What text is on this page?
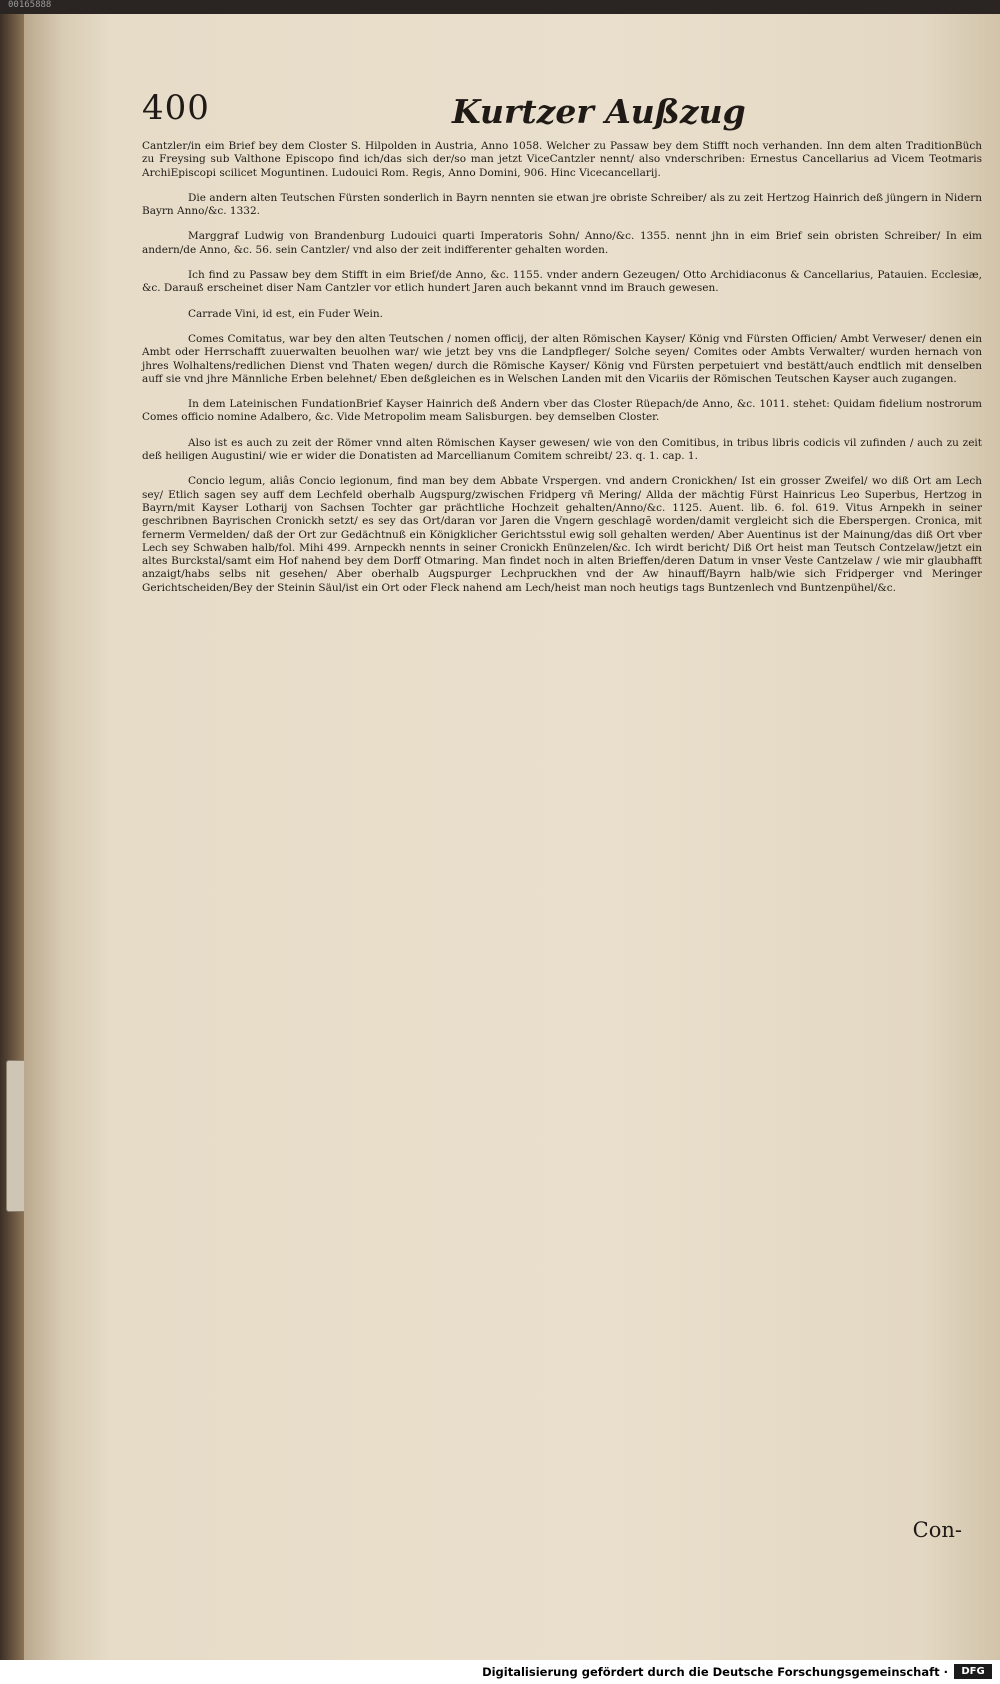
00165888
400	Kurtzer Außzug

Cantzler/in eim Brief bey dem Closter S. Hilpolden in Austria, Anno 1058. Welcher zu Passaw bey dem Stifft noch verhanden. Inn dem alten TraditionBüch zu Freysing sub Valthone Episcopo find ich/das sich der/so man jetzt ViceCantzler nennt/ also vnderschriben: Ernestus Cancellarius ad Vicem Teotmaris ArchiEpiscopi scilicet Moguntinen. Ludouici Rom. Regis, Anno Domini, 906. Hinc Vicecancellarij.

Die andern alten Teutschen Fürsten sonderlich in Bayrn nennten sie etwan jre obriste Schreiber/ als zu zeit Hertzog Hainrich deß jüngern in Nidern Bayrn Anno/&c. 1332.

Marggraf Ludwig von Brandenburg Ludouici quarti Imperatoris Sohn/ Anno/&c. 1355. nennt jhn in eim Brief sein obristen Schreiber/ In eim andern/de Anno, &c. 56. sein Cantzler/ vnd also der zeit indifferenter gehalten worden.

Ich find zu Passaw bey dem Stifft in eim Brief/de Anno, &c. 1155. vnder andern Gezeugen/ Otto Archidiaconus & Cancellarius, Patauien. Ecclesiæ, &c. Darauß erscheinet diser Nam Cantzler vor etlich hundert Jaren auch bekannt vnnd im Brauch gewesen.

Carrade Vini, id est, ein Fuder Wein.

Comes Comitatus, war bey den alten Teutschen / nomen officij, der alten Römischen Kayser/ König vnd Fürsten Officien/ Ambt Verweser/ denen ein Ambt oder Herrschafft zuuerwalten beuolhen war/ wie jetzt bey vns die Landpfleger/ Solche seyen/ Comites oder Ambts Verwalter/ wurden hernach von jhres Wolhaltens/redlichen Dienst vnd Thaten wegen/ durch die Römische Kayser/ König vnd Fürsten perpetuiert vnd bestätt/auch endtlich mit denselben auff sie vnd jhre Männliche Erben belehnet/ Eben deßgleichen es in Welschen Landen mit den Vicariis der Römischen Teutschen Kayser auch zugangen.

In dem Lateinischen FundationBrief Kayser Hainrich deß Andern vber das Closter Rüepach/de Anno, &c. 1011. stehet: Quidam fidelium nostrorum Comes officio nomine Adalbero, &c. Vide Metropolim meam Salisburgen. bey demselben Closter.

Also ist es auch zu zeit der Römer vnnd alten Römischen Kayser gewesen/ wie von den Comitibus, in tribus libris codicis vil zufinden / auch zu zeit deß heiligen Augustini/ wie er wider die Donatisten ad Marcellianum Comitem schreibt/ 23. q. 1. cap. 1.

Concio legum, aliâs Concio legionum, find man bey dem Abbate Vrspergen. vnd andern Cronickhen/ Ist ein grosser Zweifel/ wo diß Ort am Lech sey/ Etlich sagen sey auff dem Lechfeld oberhalb Augspurg/zwischen Fridperg vñ Mering/ Allda der mächtig Fürst Hainricus Leo Superbus, Hertzog in Bayrn/mit Kayser Lotharij von Sachsen Tochter gar prächtliche Hochzeit gehalten/Anno/&c. 1125. Auent. lib. 6. fol. 619. Vitus Arnpekh in seiner geschribnen Bayrischen Cronickh setzt/ es sey das Ort/daran vor Jaren die Vngern geschlagẽ worden/damit vergleicht sich die Eberspergen. Cronica, mit fernerm Vermelden/ daß der Ort zur Gedächtnuß ein Königklicher Gerichtsstul ewig soll gehalten werden/ Aber Auentinus ist der Mainung/das diß Ort vber Lech sey Schwaben halb/fol. Mihi 499. Arnpeckh nennts in seiner Cronickh Enünzelen/&c. Ich wirdt bericht/ Diß Ort heist man Teutsch Contzelaw/jetzt ein altes Burckstal/samt eim Hof nahend bey dem Dorff Otmaring. Man findet noch in alten Brieffen/deren Datum in vnser Veste Cantzelaw / wie mir glaubhafft anzaigt/habs selbs nit gesehen/ Aber oberhalb Augspurger Lechpruckhen vnd der Aw hinauff/Bayrn halb/wie sich Fridperger vnd Meringer Gerichtscheiden/Bey der Steinin Säul/ist ein Ort oder Fleck nahend am Lech/heist man noch heutigs tags Buntzenlech vnd Buntzenpühel/&c.

Con-
Digitalisierung gefördert durch die Deutsche Forschungsgemeinschaft ·	DFG
